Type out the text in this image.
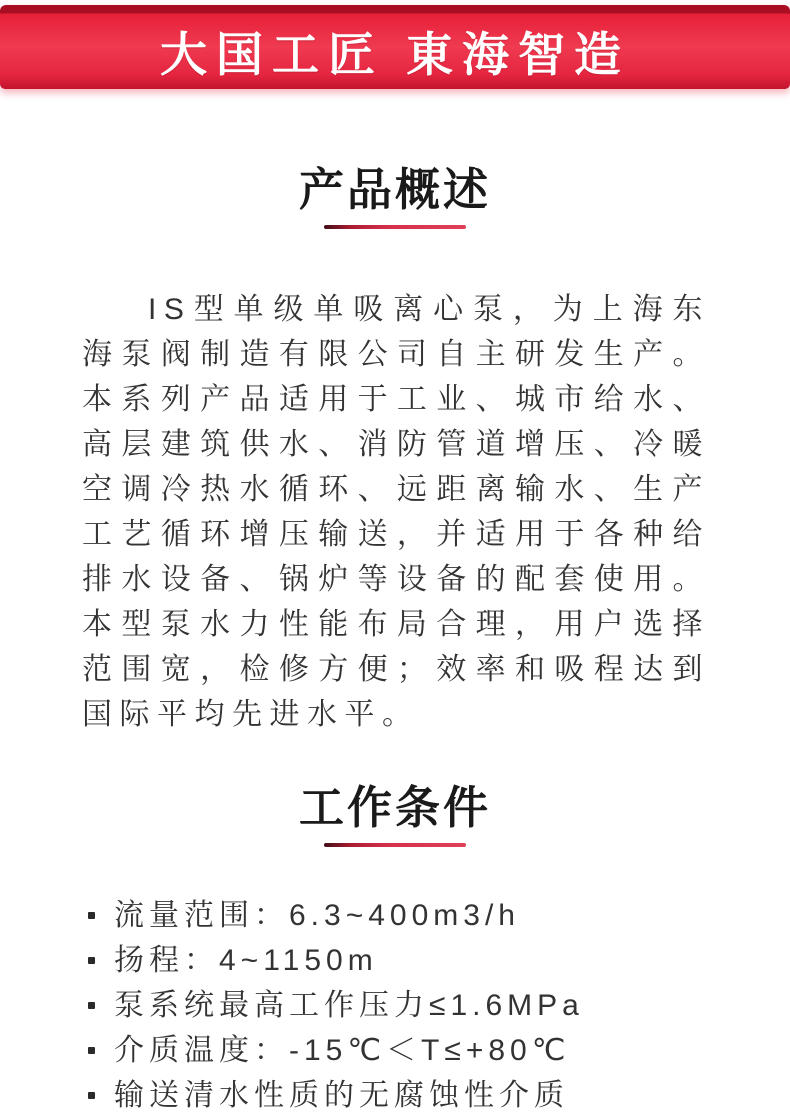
大国工匠 東海智造
产品概述

IS型单级单吸离心泵，为上海东海泵阀制造有限公司自主研发生产。本系列产品适用于工业、城市给水、高层建筑供水、消防管道增压、冷暖空调冷热水循环、远距离输水、生产工艺循环增压输送，并适用于各种给排水设备、锅炉等设备的配套使用。本型泵水力性能布局合理，用户选择范围宽，检修方便；效率和吸程达到国际平均先进水平。

工作条件
流量范围：6.3~400m3/h
扬程：4~1150m
泵系统最高工作压力≤1.6MPa
介质温度：-15℃＜T≤+80℃
输送清水性质的无腐蚀性介质
